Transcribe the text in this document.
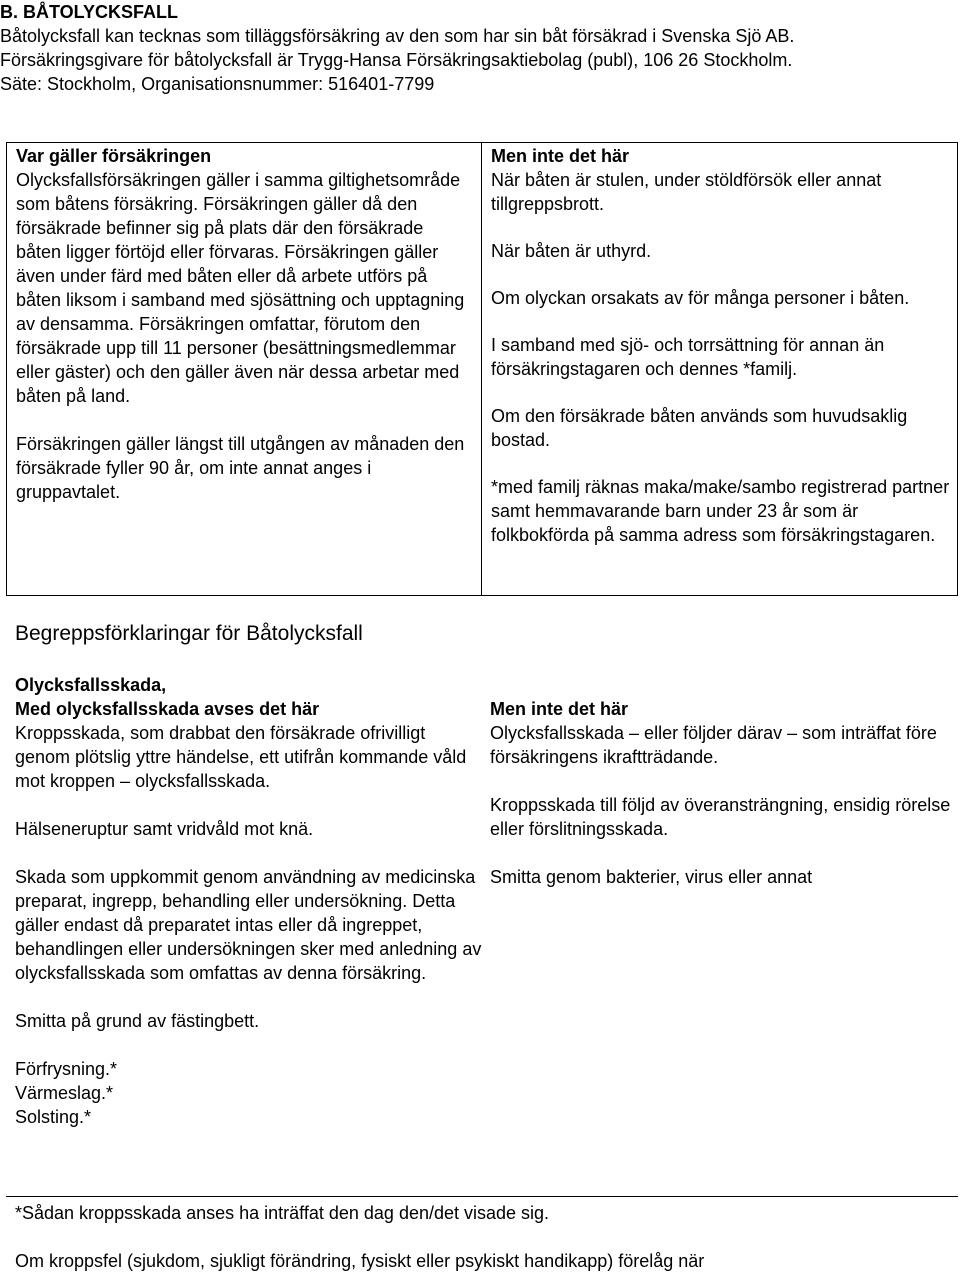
B. BÅTOLYCKSFALL

Båtolycksfall kan tecknas som tilläggsförsäkring av den som har sin båt försäkrad i Svenska Sjö AB.

Försäkringsgivare för båtolycksfall är Trygg-Hansa Försäkringsaktiebolag (publ), 106 26 Stockholm.

Säte: Stockholm, Organisationsnummer: 516401-7799

Var gäller försäkringen

Olycksfallsförsäkringen gäller i samma giltighetsområde som båtens försäkring. Försäkringen gäller då den försäkrade befinner sig på plats där den försäkrade båten ligger förtöjd eller förvaras. Försäkringen gäller även under färd med båten eller då arbete utförs på båten liksom i samband med sjösättning och upptagning av densamma. Försäkringen omfattar, förutom den försäkrade upp till 11 personer (besättningsmedlemmar eller gäster) och den gäller även när dessa arbetar med båten på land.

Försäkringen gäller längst till utgången av månaden den försäkrade fyller 90 år, om inte annat anges i gruppavtalet.

Men inte det här

När båten är stulen, under stöldförsök eller annat tillgreppsbrott.

När båten är uthyrd.

Om olyckan orsakats av för många personer i båten.

I samband med sjö- och torrsättning för annan än försäkringstagaren och dennes *familj.

Om den försäkrade båten används som huvudsaklig bostad.

*med familj räknas maka/make/sambo registrerad partner samt hemmavarande barn under 23 år som är folkbokförda på samma adress som försäkringstagaren.

Begreppsförklaringar för Båtolycksfall

Olycksfallsskada,

Med olycksfallsskada avses det här

Kroppsskada, som drabbat den försäkrade ofrivilligt genom plötslig yttre händelse, ett utifrån kommande våld mot kroppen – olycksfallsskada.

Hälseneruptur samt vridvåld mot knä.

Skada som uppkommit genom användning av medicinska preparat, ingrepp, behandling eller undersökning. Detta gäller endast då preparatet intas eller då ingreppet, behandlingen eller undersökningen sker med anledning av olycksfallsskada som omfattas av denna försäkring.

Smitta på grund av fästingbett.

Förfrysning.*

Värmeslag.*

Solsting.*

Men inte det här

Olycksfallsskada – eller följder därav – som inträffat före försäkringens ikraftträdande.

Kroppsskada till följd av överansträngning, ensidig rörelse eller förslitningsskada.

Smitta genom bakterier, virus eller annat

*Sådan kroppsskada anses ha inträffat den dag den/det visade sig.

Om kroppsfel (sjukdom, sjukligt förändring, fysiskt eller psykiskt handikapp) förelåg när
